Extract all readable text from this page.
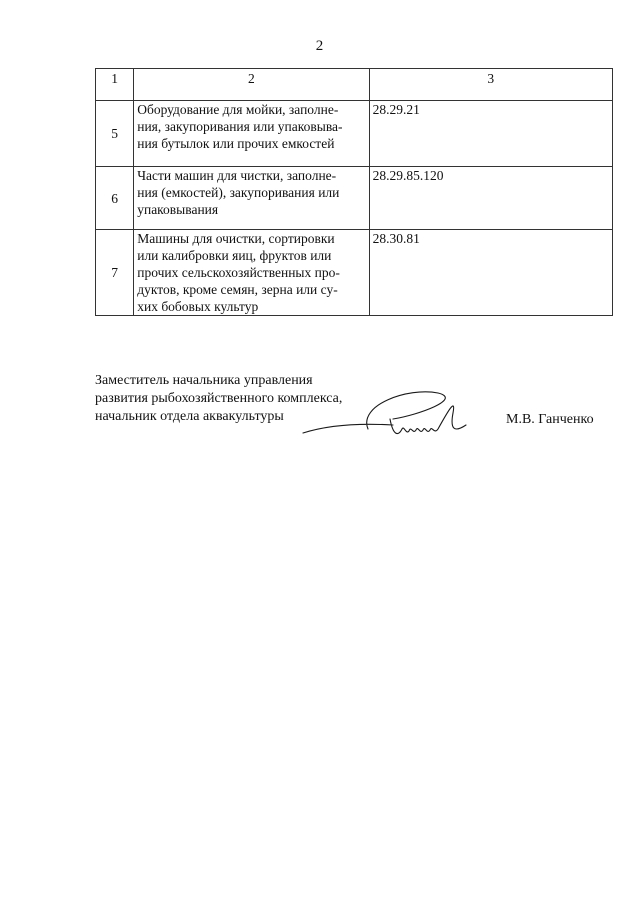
2
1	2	3
5	Оборудование для мойки, заполне-
ния, закупоривания или упаковыва-
ния бутылок или прочих емкостей	28.29.21
6	Части машин для чистки, заполне-
ния (емкостей), закупоривания или
упаковывания	28.29.85.120
7	Машины для очистки, сортировки
или калибровки яиц, фруктов или
прочих сельскохозяйственных про-
дуктов, кроме семян, зерна или су-
хих бобовых культур	28.30.81
Заместитель начальника управления
развития рыбохозяйственного комплекса,
начальник отдела аквакультуры	М.В. Ганченко
